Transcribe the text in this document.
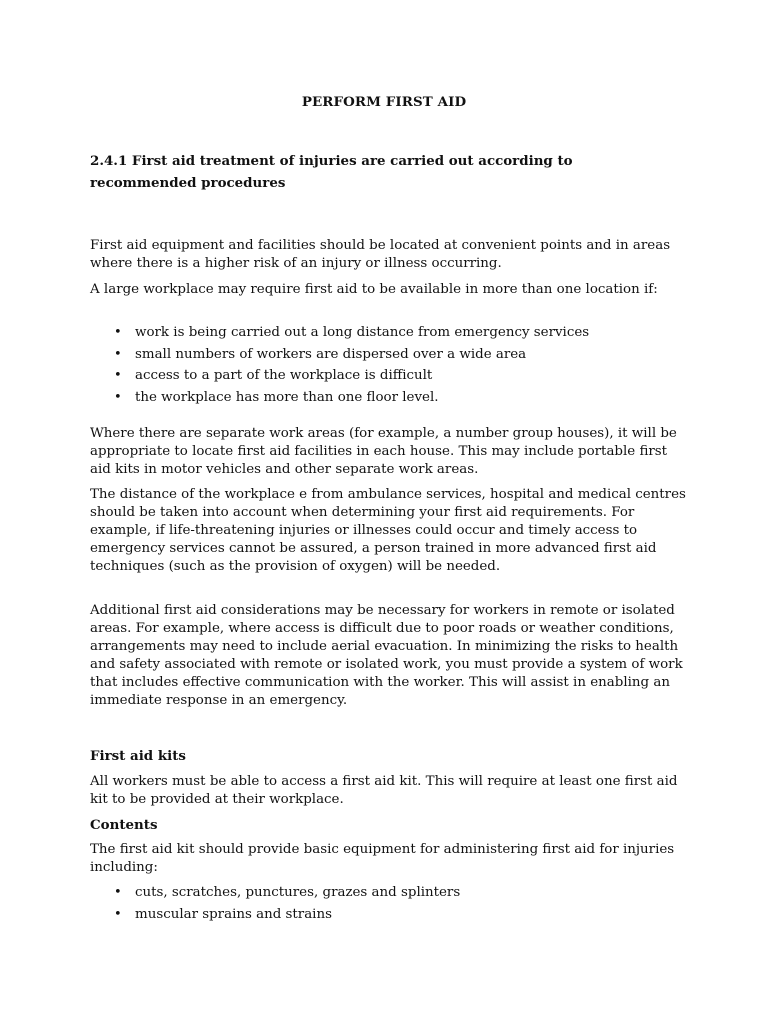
PERFORM FIRST AID
2.4.1 First aid treatment of injuries are carried out according to recommended procedures

First aid equipment and facilities should be located at convenient points and in areas where there is a higher risk of an injury or illness occurring.

A large workplace may require first aid to be available in more than one location if:

• work is being carried out a long distance from emergency services
• small numbers of workers are dispersed over a wide area
• access to a part of the workplace is difficult
• the workplace has more than one floor level.

Where there are separate work areas (for example, a number group houses), it will be appropriate to locate first aid facilities in each house. This may include portable first aid kits in motor vehicles and other separate work areas.

The distance of the workplace e from ambulance services, hospital and medical centres should be taken into account when determining your first aid requirements. For example, if life-threatening injuries or illnesses could occur and timely access to emergency services cannot be assured, a person trained in more advanced first aid techniques (such as the provision of oxygen) will be needed.

Additional first aid considerations may be necessary for workers in remote or isolated areas. For example, where access is difficult due to poor roads or weather conditions, arrangements may need to include aerial evacuation. In minimizing the risks to health and safety associated with remote or isolated work, you must provide a system of work that includes effective communication with the worker. This will assist in enabling an immediate response in an emergency.

First aid kits

All workers must be able to access a first aid kit. This will require at least one first aid kit to be provided at their workplace.

Contents

The first aid kit should provide basic equipment for administering first aid for injuries including:

• cuts, scratches, punctures, grazes and splinters
• muscular sprains and strains
